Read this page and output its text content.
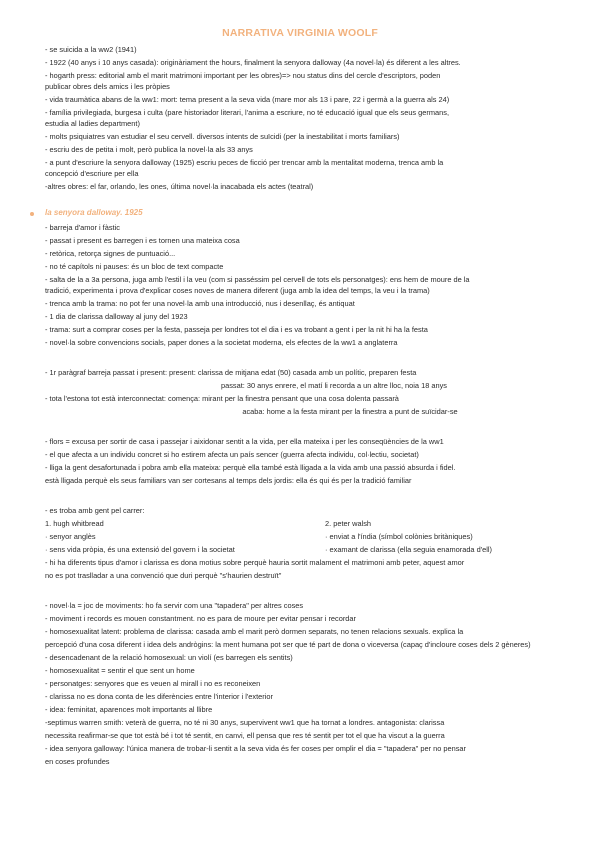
NARRATIVA VIRGINIA WOOLF
- se suicida a la ww2 (1941)
- 1922 (40 anys i 10 anys casada): originàriament the hours, finalment la senyora dalloway (4a novel·la) és diferent a les altres.
- hogarth press: editorial amb el marit matrimoni important per les obres)=> nou status dins del cercle d'escriptors, poden
publicar obres dels amics i les pròpies
- vida traumàtica abans de la ww1: mort: tema present a la seva vida (mare mor als 13 i pare, 22 i germà a la guerra als 24)
- família privilegiada, burgesa i culta (pare historiador literari, l'anima a escriure, no té educació igual que els seus germans,
estudia al ladies department)
- molts psiquiatres van estudiar el seu cervell. diversos intents de suïcidi (per la inestabilitat i morts familiars)
- escriu des de petita i molt, però publica la novel·la als 33 anys
- a punt d'escriure la senyora dalloway (1925) escriu peces de ficció per trencar amb la mentalitat moderna, trenca amb la
concepció d'escriure per ella
-altres obres: el far, orlando, les ones, última novel·la inacabada els actes (teatral)
la senyora dalloway. 1925
- barreja d'amor i fàstic
- passat i present es barregen i es tornen una mateixa cosa
- retòrica, retorça signes de puntuació...
- no té capítols ni pauses: és un bloc de text compacte
- salta de la a 3a persona, juga amb l'estil i la veu (com si passéssim pel cervell de tots els personatges): ens hem de moure de la
tradició, experimenta i prova d'explicar coses noves de manera diferent (juga amb la idea del temps, la veu i la trama)
- trenca amb la trama: no pot fer una novel·la amb una introducció, nus i desenllaç, és antiquat
- 1 dia de clarissa dalloway al juny del 1923
- trama: surt a comprar coses per la festa, passeja per londres tot el dia i es va trobant a gent i per la nit hi ha la festa
- novel·la sobre convencions socials, paper dones a la societat moderna, els efectes de la ww1 a anglaterra
- 1r paràgraf barreja passat i present: present: clarissa de mitjana edat (50) casada amb un polític, preparen festa
passat: 30 anys enrere, el matí li recorda a un altre lloc, noia 18 anys
- tota l'estona tot està interconnectat: comença: mirant per la finestra pensant que una cosa dolenta passarà
acaba: home a la festa mirant per la finestra a punt de suïcidar-se
- flors = excusa per sortir de casa i passejar i aixidonar sentit a la vida, per ella mateixa i per les conseqüències de la ww1
- el que afecta a un individu concret si ho estirem afecta un país sencer (guerra afecta individu, col·lectiu, societat)
- lliga la gent desafortunada i pobra amb ella mateixa: perquè ella també està lligada a la vida amb una passió absurda i fidel.
està lligada perquè els seus familiars van ser cortesans al temps dels jordis: ella és qui és per la tradició familiar
- es troba amb gent pel carrer:
1. hugh whitbread
· senyor anglès
· sens vida pròpia, és una extensió del govern i la societat
2. peter walsh
· enviat a l'índia (símbol colònies britàniques)
· examant de clarissa (ella seguia enamorada d'ell)
- hi ha diferents tipus d'amor i clarissa es dona motius sobre perquè hauria sortit malament el matrimoni amb peter, aquest amor
no es pot traslladar a una convenció que duri perquè "s'haurien destruït"
- novel·la = joc de moviments: ho fa servir com una "tapadera" per altres coses
- moviment i records es mouen constantment. no es para de moure per evitar pensar i recordar
- homosexualitat latent: problema de clarissa: casada amb el marit però dormen separats, no tenen relacions sexuals. explica la
percepció d'una cosa diferent i idea dels andrògins: la ment humana pot ser que té part de dona o viceversa (capaç d'incloure coses dels 2 gèneres)
- desencadenant de la relació homosexual: un violí (es barregen els sentits)
- homosexualitat = sentir el que sent un home
- personatges: senyores que es veuen al mirall i no es reconeixen
- clarissa no es dona conta de les diferències entre l'interior i l'exterior
- idea: feminitat, aparences molt importants al llibre
-septimus warren smith: veterà de guerra, no té ni 30 anys, supervivent ww1 que ha tornat a londres. antagonista: clarissa
necessita reafirmar-se que tot està bé i tot té sentit, en canvi, ell pensa que res té sentit per tot el que ha viscut a la guerra
- idea senyora galloway: l'única manera de trobar-li sentit a la seva vida és fer coses per omplir el dia = "tapadera" per no pensar
en coses profundes
